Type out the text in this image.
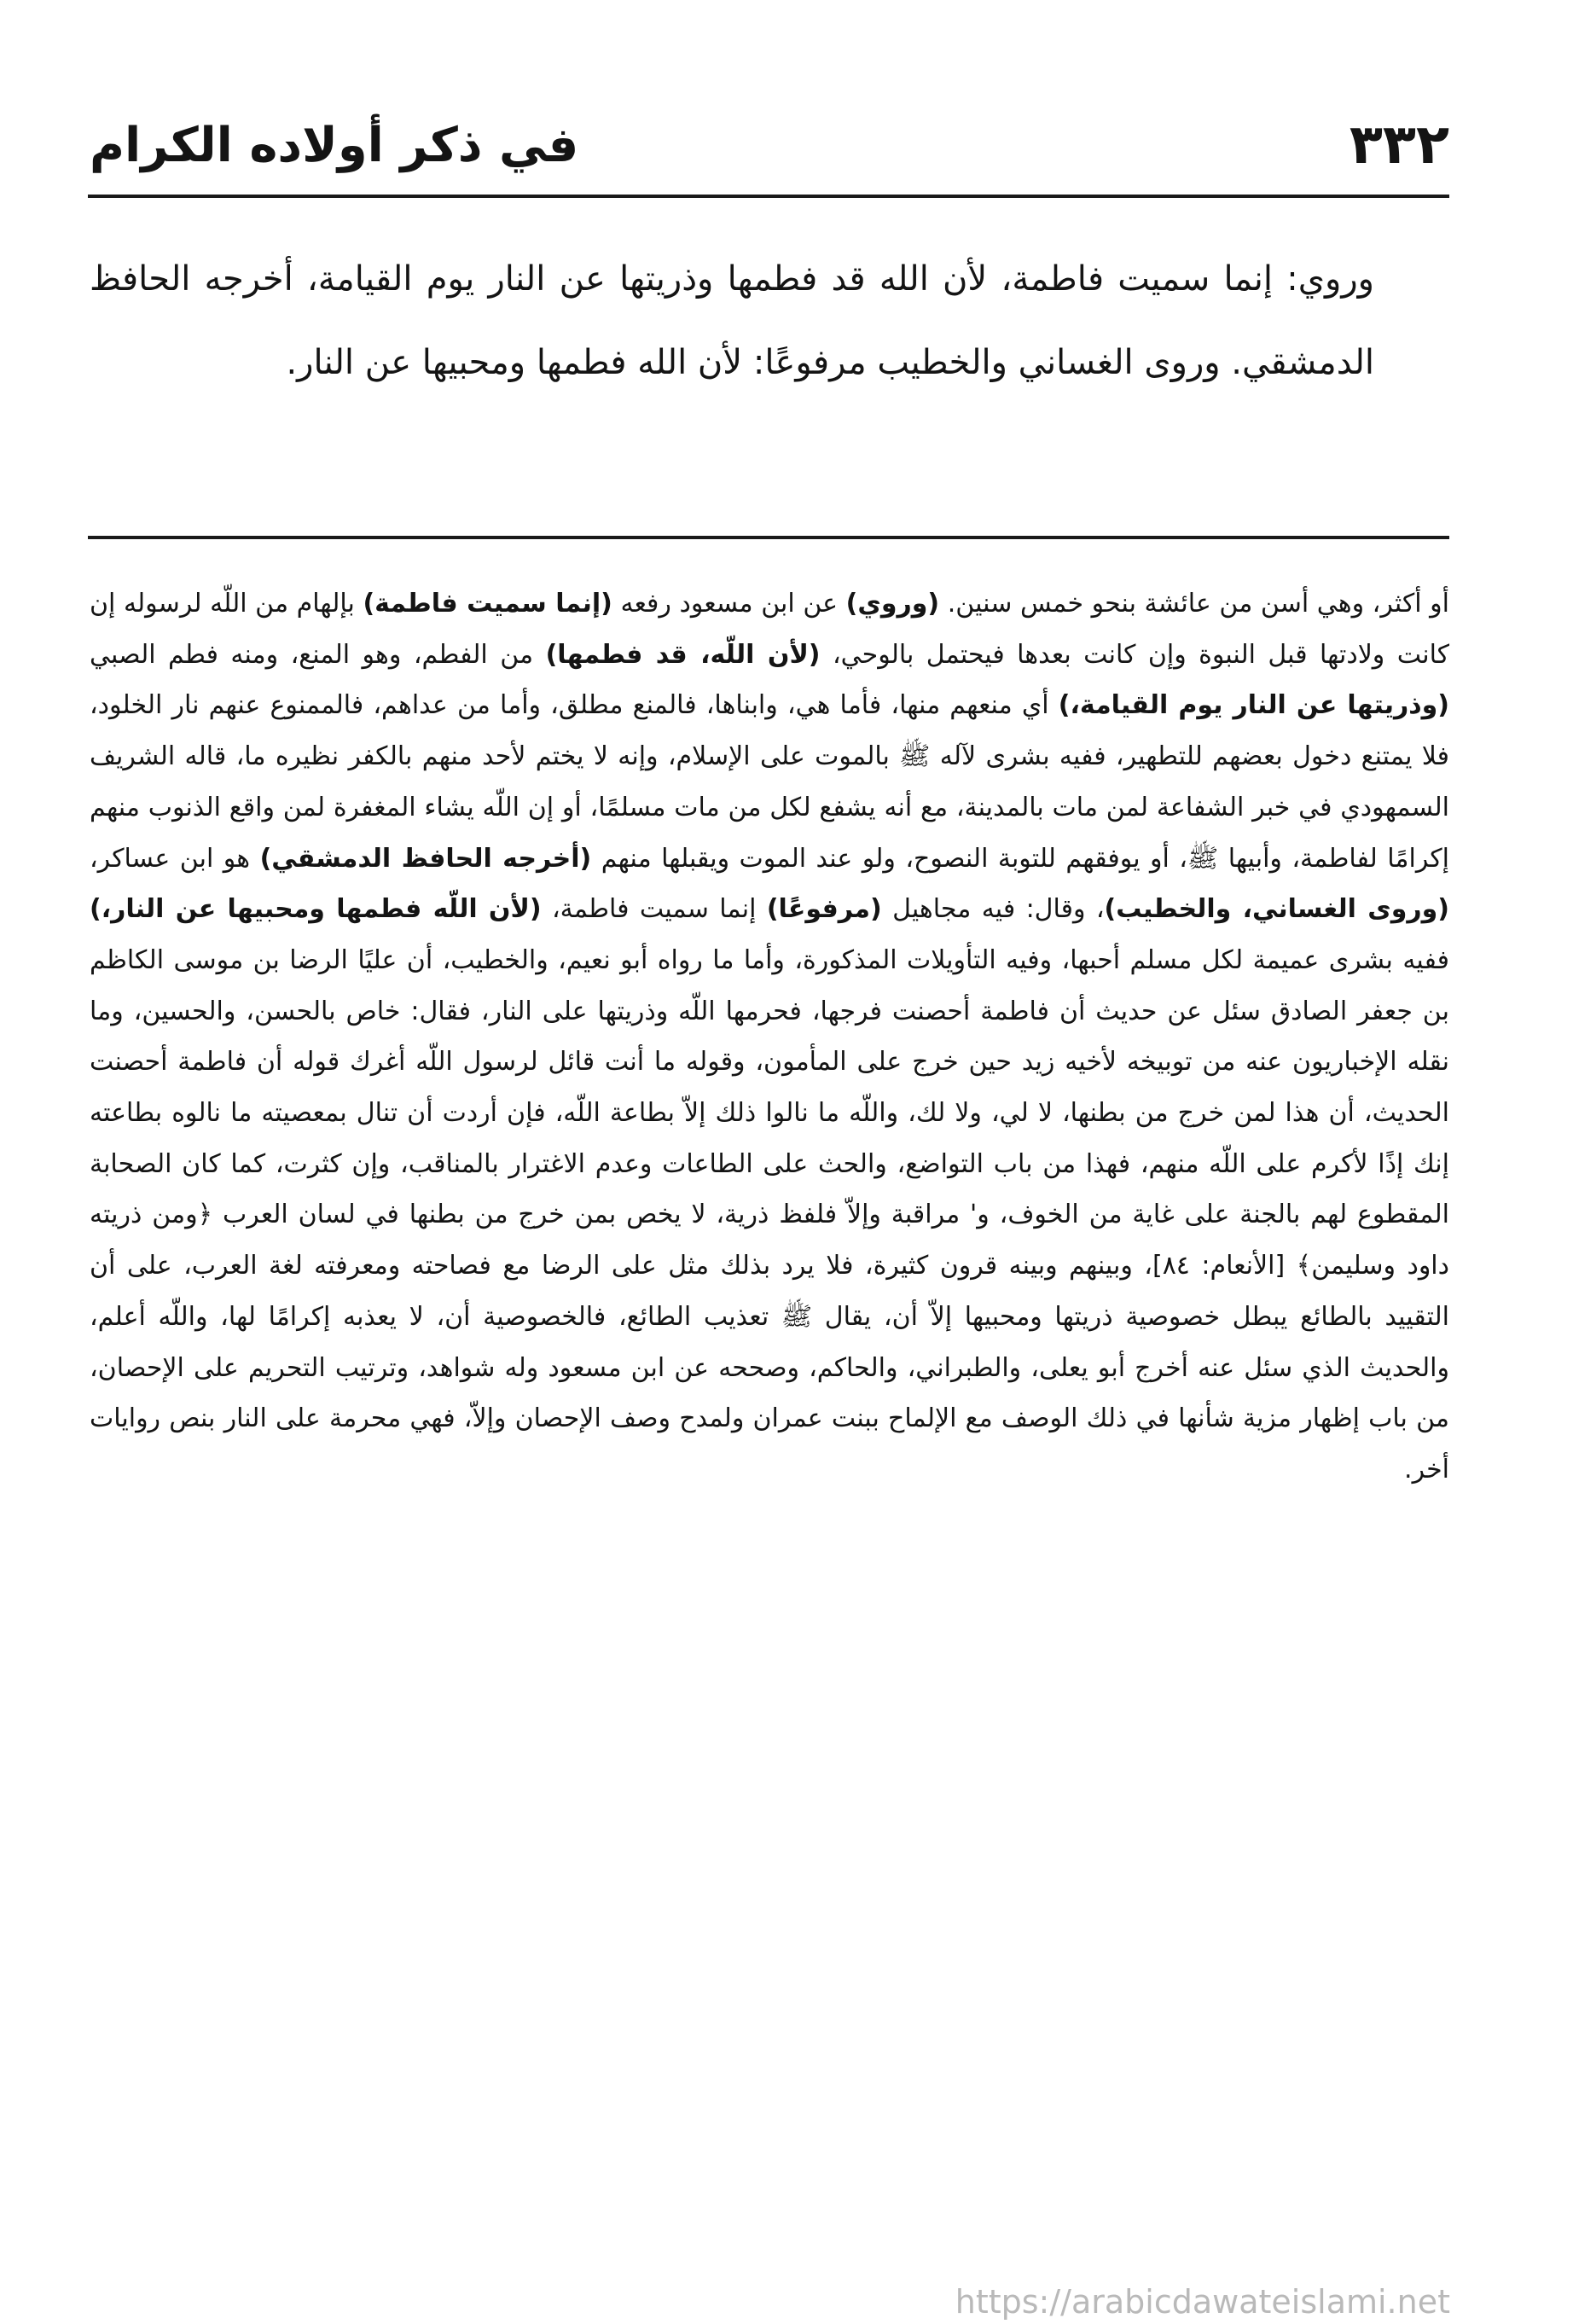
٣٣٢
في ذكر أولاده الكرام

وروي: إنما سميت فاطمة، لأن الله قد فطمها وذريتها عن النار يوم القيامة، أخرجه الحافظ الدمشقي. وروى الغساني والخطيب مرفوعًا: لأن الله فطمها ومحبيها عن النار.

أو أكثر، وهي أسن من عائشة بنحو خمس سنين. (وروي) عن ابن مسعود رفعه (إنما سميت فاطمة) بإلهام من اللّه لرسوله إن كانت ولادتها قبل النبوة وإن كانت بعدها فيحتمل بالوحي، (لأن اللّه، قد فطمها) من الفطم، وهو المنع، ومنه فطم الصبي (وذريتها عن النار يوم القيامة،) أي منعهم منها، فأما هي، وابناها، فالمنع مطلق، وأما من عداهم، فالممنوع عنهم نار الخلود، فلا يمتنع دخول بعضهم للتطهير، ففيه بشرى لآله ﷺ بالموت على الإسلام، وإنه لا يختم لأحد منهم بالكفر نظيره ما، قاله الشريف السمهودي في خبر الشفاعة لمن مات بالمدينة، مع أنه يشفع لكل من مات مسلمًا، أو إن اللّه يشاء المغفرة لمن واقع الذنوب منهم إكرامًا لفاطمة، وأبيها ﷺ، أو يوفقهم للتوبة النصوح، ولو عند الموت ويقبلها منهم (أخرجه الحافظ الدمشقي) هو ابن عساكر، (وروى الغساني، والخطيب)، وقال: فيه مجاهيل (مرفوعًا) إنما سميت فاطمة، (لأن اللّه فطمها ومحبيها عن النار،) ففيه بشرى عميمة لكل مسلم أحبها، وفيه التأويلات المذكورة، وأما ما رواه أبو نعيم، والخطيب، أن عليًا الرضا بن موسى الكاظم بن جعفر الصادق سئل عن حديث أن فاطمة أحصنت فرجها، فحرمها اللّه وذريتها على النار، فقال: خاص بالحسن، والحسين، وما نقله الإخباريون عنه من توبيخه لأخيه زيد حين خرج على المأمون، وقوله ما أنت قائل لرسول اللّه أغرك قوله أن فاطمة أحصنت الحديث، أن هذا لمن خرج من بطنها، لا لي، ولا لك، واللّه ما نالوا ذلك إلاّ بطاعة اللّه، فإن أردت أن تنال بمعصيته ما نالوه بطاعته إنك إذًا لأكرم على اللّه منهم، فهذا من باب التواضع، والحث على الطاعات وعدم الاغترار بالمناقب، وإن كثرت، كما كان الصحابة المقطوع لهم بالجنة على غاية من الخوف، و' مراقبة وإلاّ فلفظ ذرية، لا يخص بمن خرج من بطنها في لسان العرب ﴿ومن ذريته داود وسليمن﴾ [الأنعام: ٨٤]، وبينهم وبينه قرون كثيرة، فلا يرد بذلك مثل على الرضا مع فصاحته ومعرفته لغة العرب، على أن التقييد بالطائع يبطل خصوصية ذريتها ومحبيها إلاّ أن، يقال ﷺ تعذيب الطائع، فالخصوصية أن، لا يعذبه إكرامًا لها، واللّه أعلم، والحديث الذي سئل عنه أخرج أبو يعلى، والطبراني، والحاكم، وصححه عن ابن مسعود وله شواهد، وترتيب التحريم على الإحصان، من باب إظهار مزية شأنها في ذلك الوصف مع الإلماح ببنت عمران ولمدح وصف الإحصان وإلاّ، فهي محرمة على النار بنص روايات أخر.

https://arabicdawateislami.net
